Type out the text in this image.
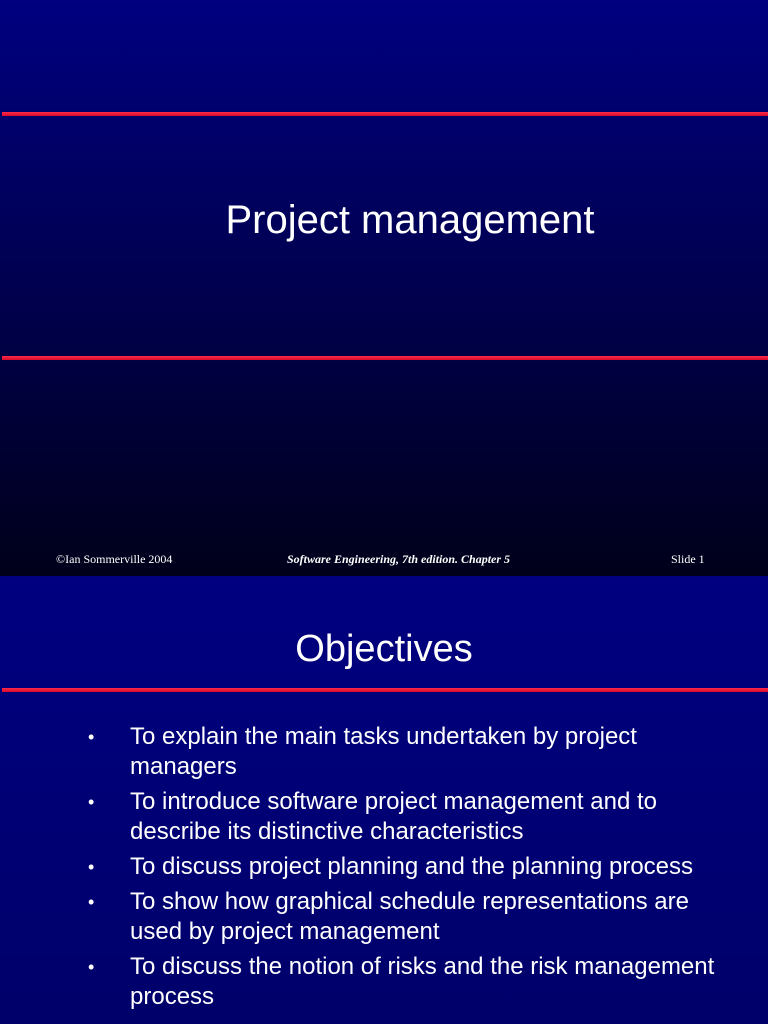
Project management
©Ian Sommerville 2004	Software Engineering, 7th edition. Chapter 5	Slide 1
Objectives
• To explain the main tasks undertaken by project managers
• To introduce software project management and to describe its distinctive characteristics
• To discuss project planning and the planning process
• To show how graphical schedule representations are used by project management
• To discuss the notion of risks and the risk management process
